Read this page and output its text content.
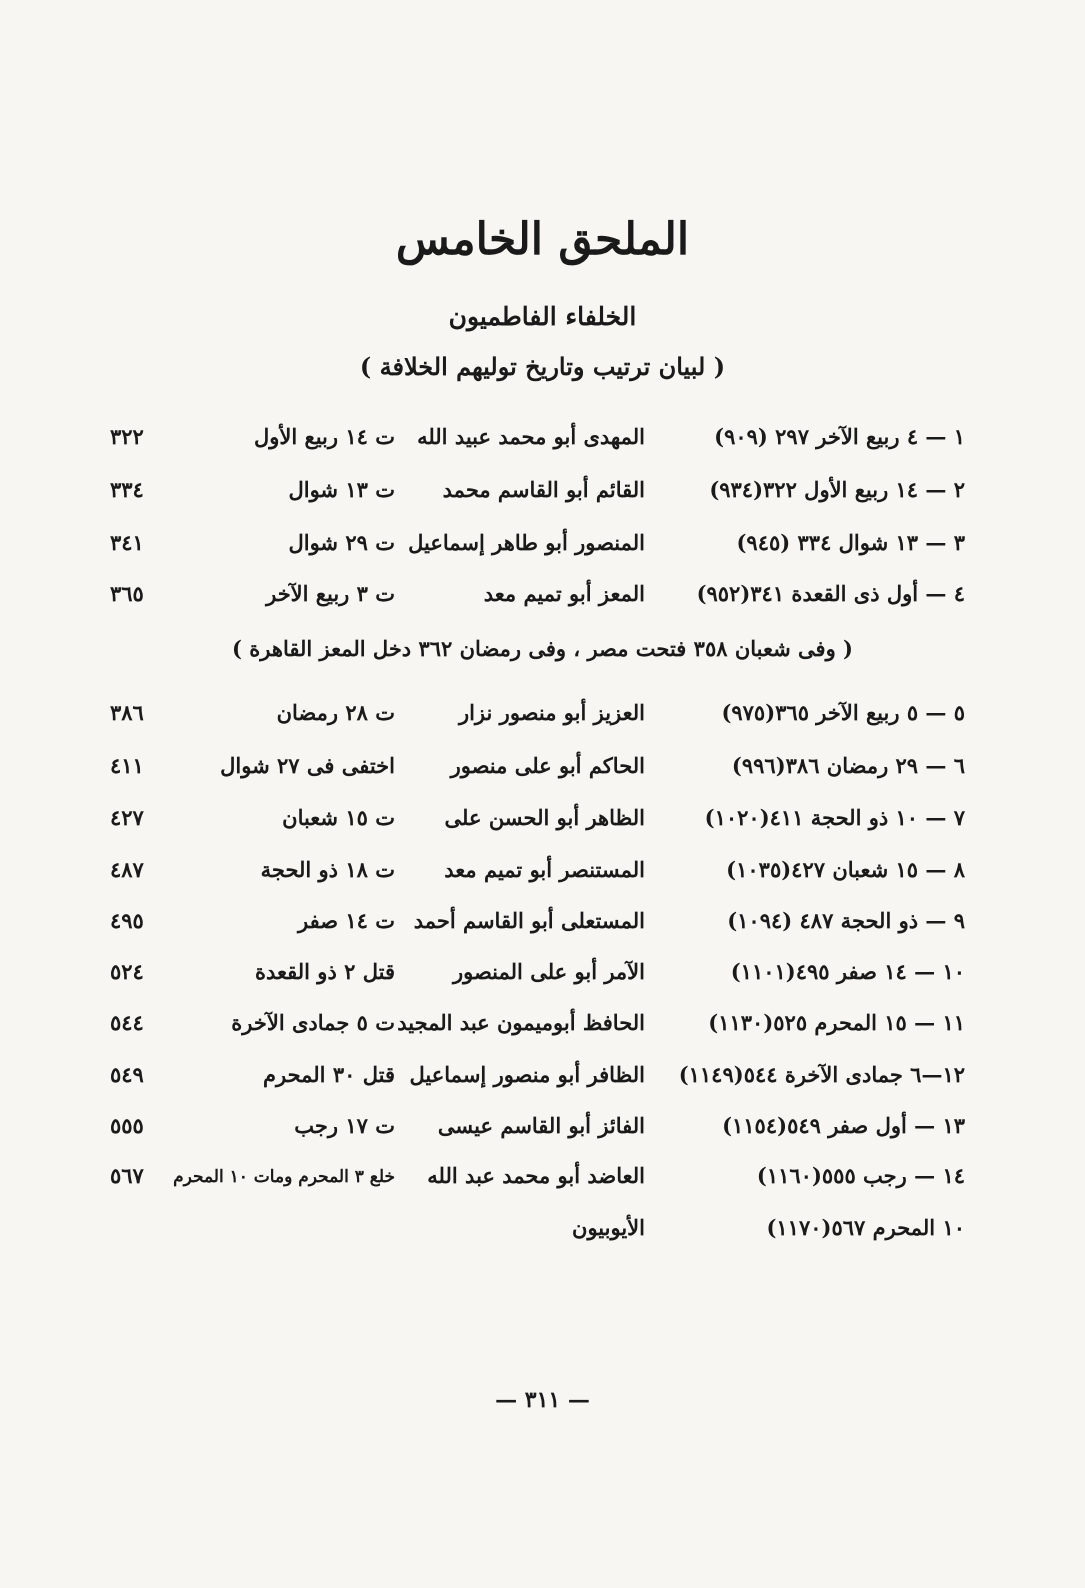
الملحق الخامس
الخلفاء الفاطميون
( لبيان ترتيب وتاريخ توليهم الخلافة )
١ — ٤ ربيع الآخر ٢٩٧ (٩٠٩)
المهدى أبو محمد عبيد الله
ت ١٤ ربيع الأول
٣٢٢
٢ — ١٤ ربيع الأول ٣٢٢(٩٣٤)
القائم أبو القاسم محمد
ت ١٣ شوال
٣٣٤
٣ — ١٣ شوال ٣٣٤ (٩٤٥)
المنصور أبو طاهر إسماعيل
ت ٢٩ شوال
٣٤١
٤ — أول ذى القعدة ٣٤١(٩٥٢)
المعز أبو تميم معد
ت ٣ ربيع الآخر
٣٦٥
( وفى شعبان ٣٥٨ فتحت مصر ، وفى رمضان ٣٦٢ دخل المعز القاهرة )
٥ — ٥ ربيع الآخر ٣٦٥(٩٧٥)
العزيز أبو منصور نزار
ت ٢٨ رمضان
٣٨٦
٦ — ٢٩ رمضان ٣٨٦(٩٩٦)
الحاكم أبو على منصور
اختفى فى ٢٧ شوال
٤١١
٧ — ١٠ ذو الحجة ٤١١(١٠٢٠)
الظاهر أبو الحسن على
ت ١٥ شعبان
٤٢٧
٨ — ١٥ شعبان ٤٢٧(١٠٣٥)
المستنصر أبو تميم معد
ت ١٨ ذو الحجة
٤٨٧
٩ — ذو الحجة ٤٨٧ (١٠٩٤)
المستعلى أبو القاسم أحمد
ت ١٤ صفر
٤٩٥
١٠ — ١٤ صفر ٤٩٥(١١٠١)
الآمر أبو على المنصور
قتل ٢ ذو القعدة
٥٢٤
١١ — ١٥ المحرم ٥٢٥(١١٣٠)
الحافظ أبوميمون عبد المجيد
ت ٥ جمادى الآخرة
٥٤٤
١٢—٦ جمادى الآخرة ٥٤٤(١١٤٩)
الظافر أبو منصور إسماعيل
قتل ٣٠ المحرم
٥٤٩
١٣ — أول صفر ٥٤٩(١١٥٤)
الفائز أبو القاسم عيسى
ت ١٧ رجب
٥٥٥
١٤ — رجب ٥٥٥(١١٦٠)
العاضد أبو محمد عبد الله
خلع ٣ المحرم ومات ١٠ المحرم
٥٦٧
١٠ المحرم ٥٦٧(١١٧٠)
الأيوبيون
— ٣١١ —
